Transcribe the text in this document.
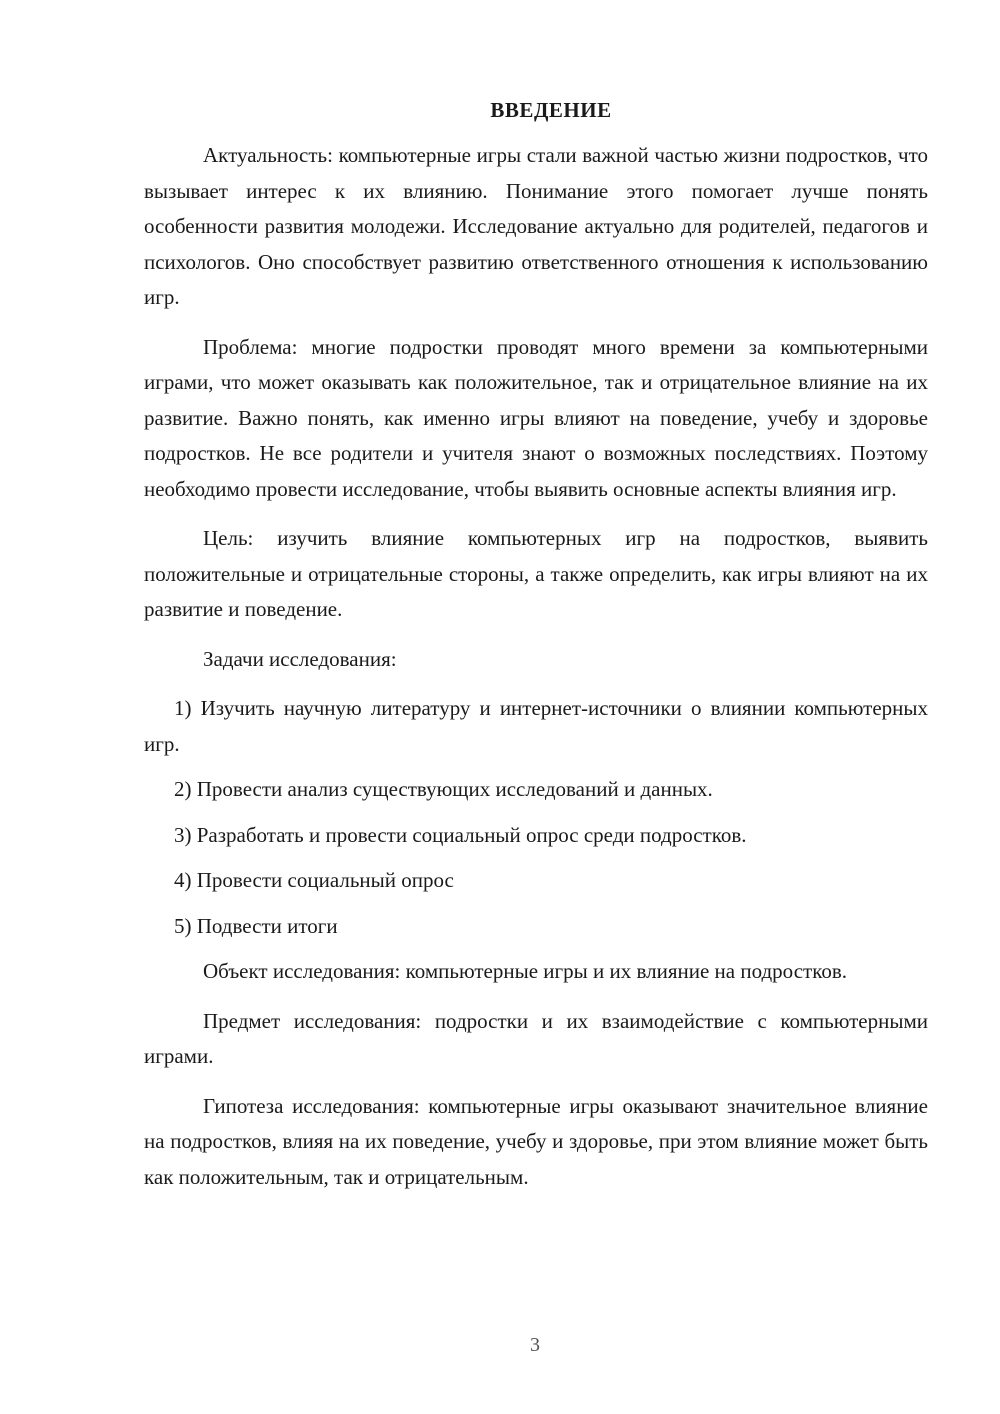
ВВЕДЕНИЕ

Актуальность: компьютерные игры стали важной частью жизни подростков, что вызывает интерес к их влиянию. Понимание этого помогает лучше понять особенности развития молодежи. Исследование актуально для родителей, педагогов и психологов. Оно способствует развитию ответственного отношения к использованию игр.

Проблема: многие подростки проводят много времени за компьютерными играми, что может оказывать как положительное, так и отрицательное влияние на их развитие. Важно понять, как именно игры влияют на поведение, учебу и здоровье подростков. Не все родители и учителя знают о возможных последствиях. Поэтому необходимо провести исследование, чтобы выявить основные аспекты влияния игр.

Цель: изучить влияние компьютерных игр на подростков, выявить положительные и отрицательные стороны, а также определить, как игры влияют на их развитие и поведение.

Задачи исследования:

1) Изучить научную литературу и интернет-источники о влиянии компьютерных игр.
2) Провести анализ существующих исследований и данных.
3) Разработать и провести социальный опрос среди подростков.
4) Провести социальный опрос
5) Подвести итоги

Объект исследования: компьютерные игры и их влияние на подростков.

Предмет исследования: подростки и их взаимодействие с компьютерными играми.

Гипотеза исследования: компьютерные игры оказывают значительное влияние на подростков, влияя на их поведение, учебу и здоровье, при этом влияние может быть как положительным, так и отрицательным.

3
